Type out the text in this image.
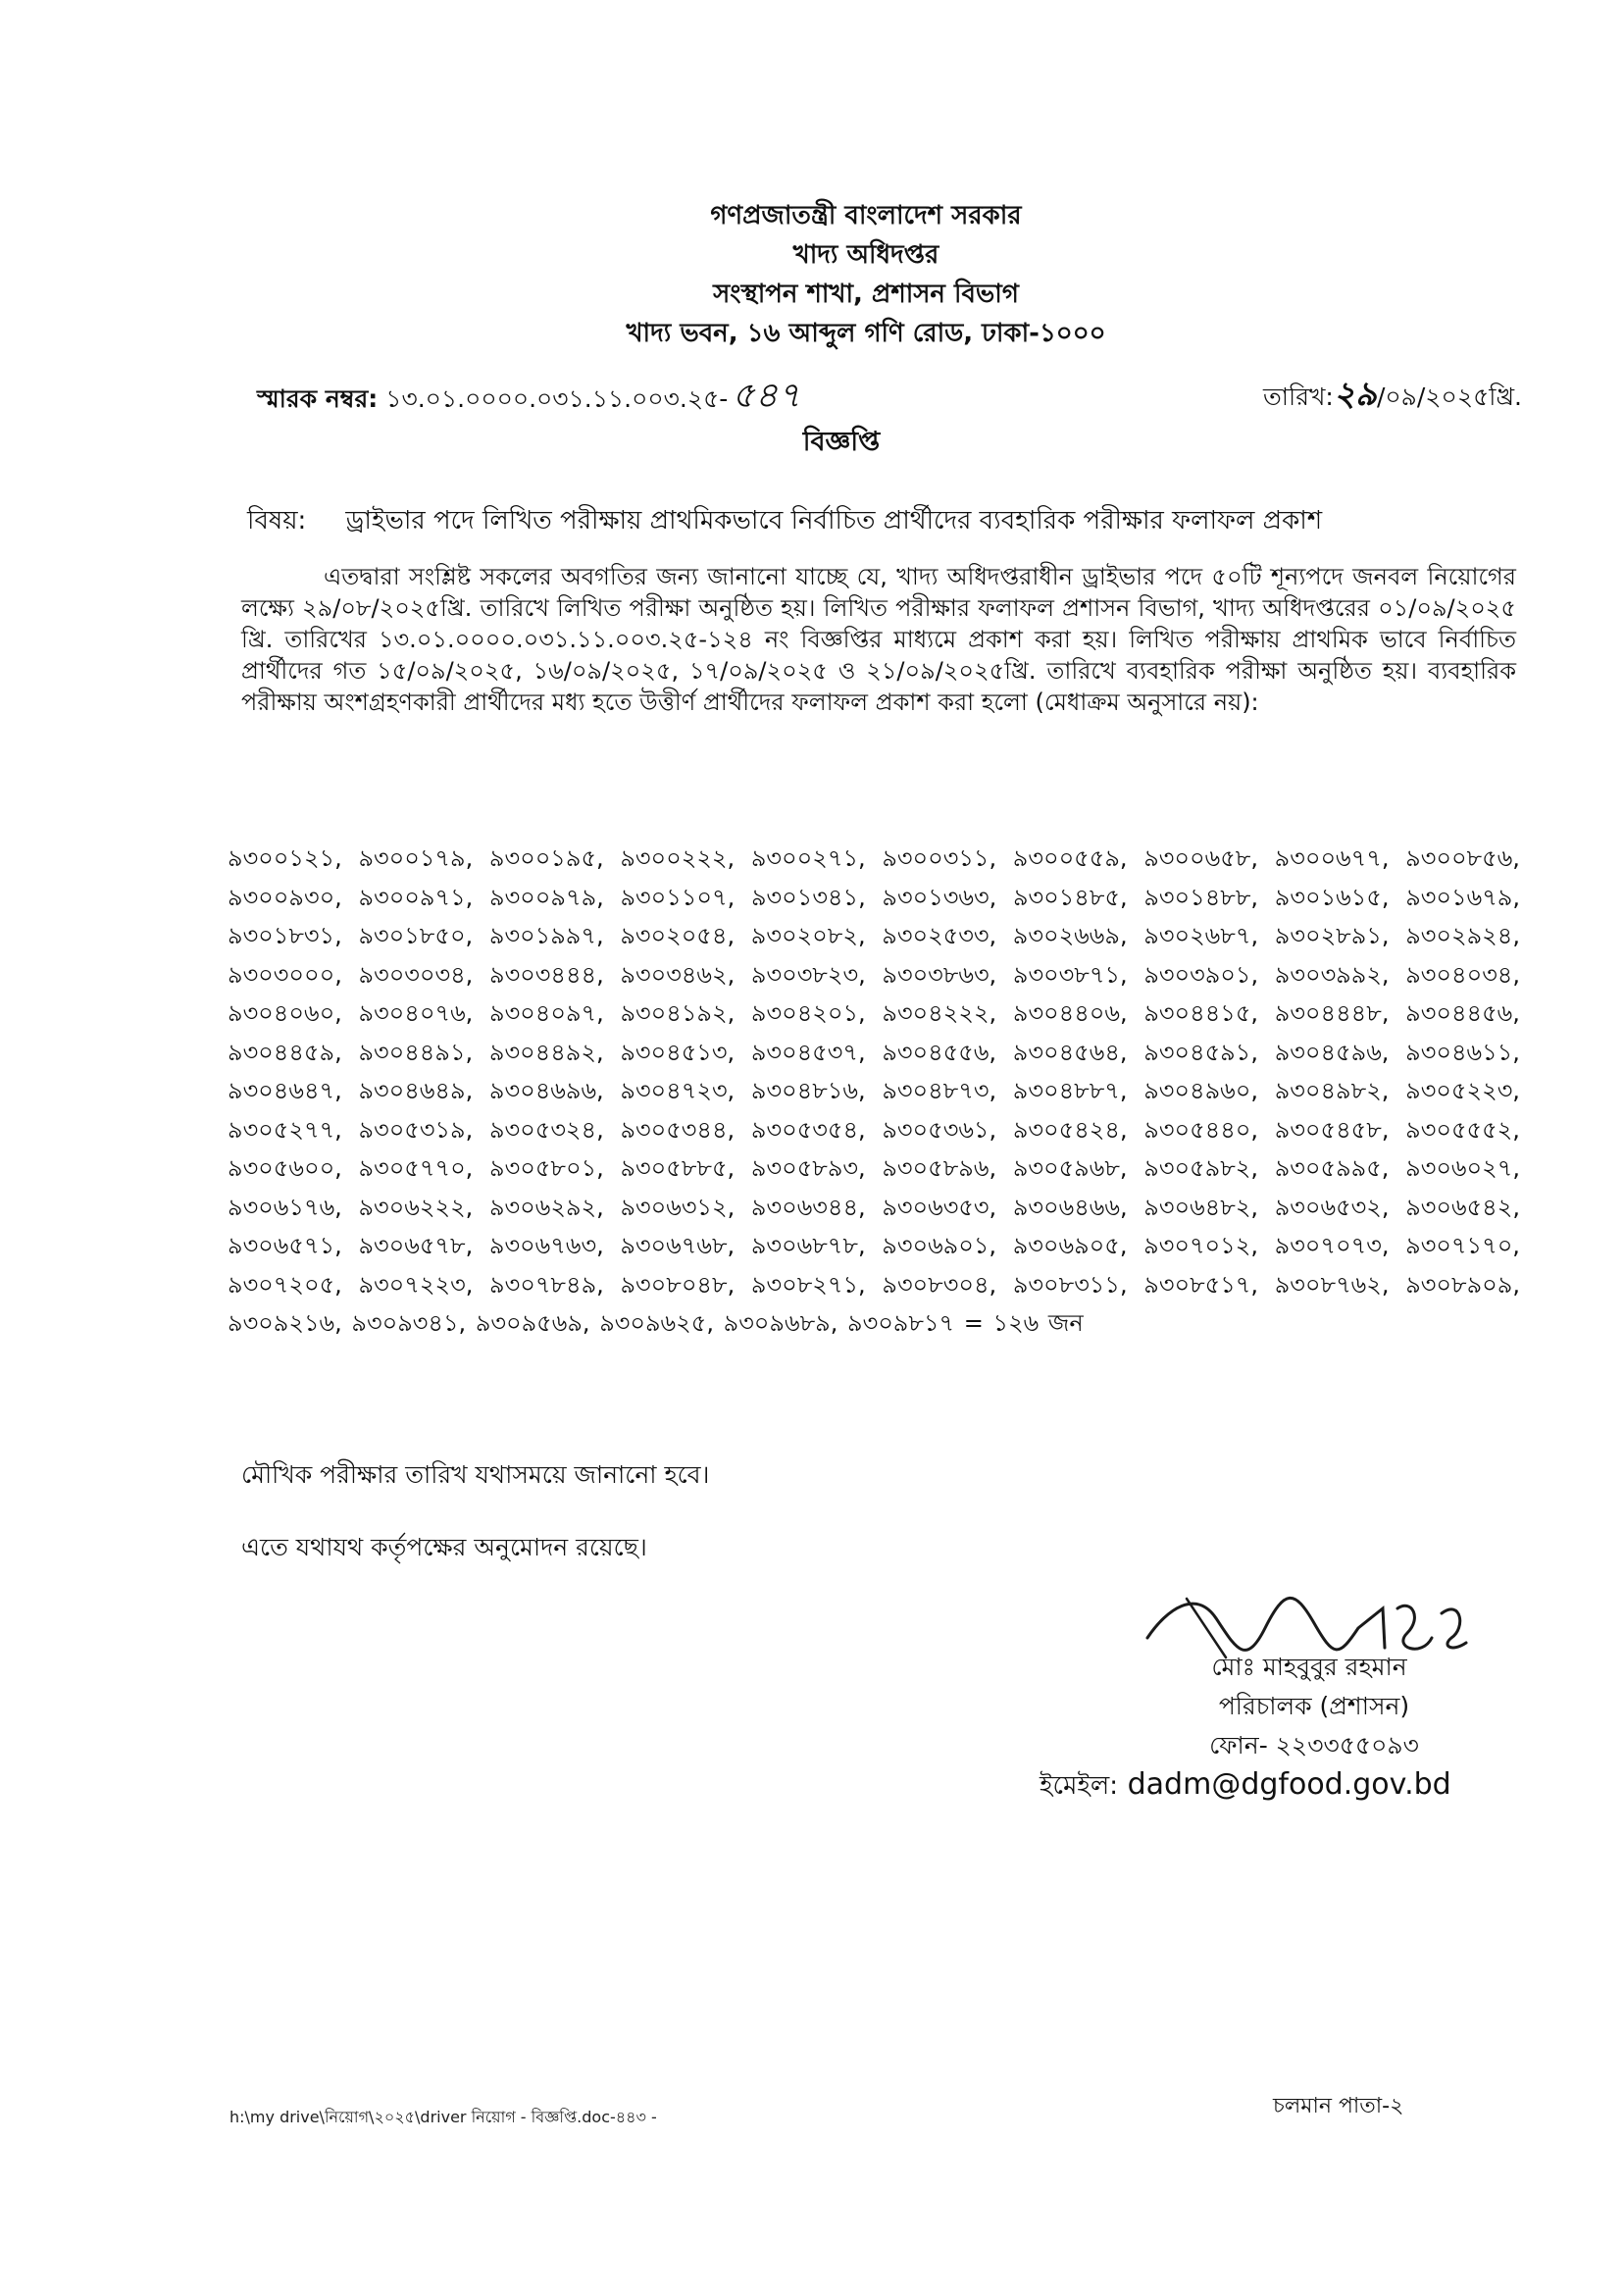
গণপ্রজাতন্ত্রী বাংলাদেশ সরকার
খাদ্য অধিদপ্তর
সংস্থাপন শাখা, প্রশাসন বিভাগ
খাদ্য ভবন, ১৬ আব্দুল গণি রোড, ঢাকা-১০০০
স্মারক নম্বর: ১৩.০১.০০০০.০৩১.১১.০০৩.২৫- ৫৪৭	তারিখ:২৯/০৯/২০২৫খ্রি.
বিজ্ঞপ্তি
বিষয়: ড্রাইভার পদে লিখিত পরীক্ষায় প্রাথমিকভাবে নির্বাচিত প্রার্থীদের ব্যবহারিক পরীক্ষার ফলাফল প্রকাশ
এতদ্বারা সংশ্লিষ্ট সকলের অবগতির জন্য জানানো যাচ্ছে যে, খাদ্য অধিদপ্তরাধীন ড্রাইভার পদে ৫০টি শূন্যপদে জনবল নিয়োগের লক্ষ্যে ২৯/০৮/২০২৫খ্রি. তারিখে লিখিত পরীক্ষা অনুষ্ঠিত হয়। লিখিত পরীক্ষার ফলাফল প্রশাসন বিভাগ, খাদ্য অধিদপ্তরের ০১/০৯/২০২৫ খ্রি. তারিখের ১৩.০১.০০০০.০৩১.১১.০০৩.২৫-১২৪ নং বিজ্ঞপ্তির মাধ্যমে প্রকাশ করা হয়। লিখিত পরীক্ষায় প্রাথমিক ভাবে নির্বাচিত প্রার্থীদের গত ১৫/০৯/২০২৫, ১৬/০৯/২০২৫, ১৭/০৯/২০২৫ ও ২১/০৯/২০২৫খ্রি. তারিখে ব্যবহারিক পরীক্ষা অনুষ্ঠিত হয়। ব্যবহারিক পরীক্ষায় অংশগ্রহণকারী প্রার্থীদের মধ্য হতে উত্তীর্ণ প্রার্থীদের ফলাফল প্রকাশ করা হলো (মেধাক্রম অনুসারে নয়):
৯৩০০১২১, ৯৩০০১৭৯, ৯৩০০১৯৫, ৯৩০০২২২, ৯৩০০২৭১, ৯৩০০৩১১, ৯৩০০৫৫৯, ৯৩০০৬৫৮, ৯৩০০৬৭৭, ৯৩০০৮৫৬, ৯৩০০৯৩০, ৯৩০০৯৭১, ৯৩০০৯৭৯, ৯৩০১১০৭, ৯৩০১৩৪১, ৯৩০১৩৬৩, ৯৩০১৪৮৫, ৯৩০১৪৮৮, ৯৩০১৬১৫, ৯৩০১৬৭৯, ৯৩০১৮৩১, ৯৩০১৮৫০, ৯৩০১৯৯৭, ৯৩০২০৫৪, ৯৩০২০৮২, ৯৩০২৫৩৩, ৯৩০২৬৬৯, ৯৩০২৬৮৭, ৯৩০২৮৯১, ৯৩০২৯২৪, ৯৩০৩০০০, ৯৩০৩০৩৪, ৯৩০৩৪৪৪, ৯৩০৩৪৬২, ৯৩০৩৮২৩, ৯৩০৩৮৬৩, ৯৩০৩৮৭১, ৯৩০৩৯০১, ৯৩০৩৯৯২, ৯৩০৪০৩৪, ৯৩০৪০৬০, ৯৩০৪০৭৬, ৯৩০৪০৯৭, ৯৩০৪১৯২, ৯৩০৪২০১, ৯৩০৪২২২, ৯৩০৪৪০৬, ৯৩০৪৪১৫, ৯৩০৪৪৪৮, ৯৩০৪৪৫৬, ৯৩০৪৪৫৯, ৯৩০৪৪৯১, ৯৩০৪৪৯২, ৯৩০৪৫১৩, ৯৩০৪৫৩৭, ৯৩০৪৫৫৬, ৯৩০৪৫৬৪, ৯৩০৪৫৯১, ৯৩০৪৫৯৬, ৯৩০৪৬১১, ৯৩০৪৬৪৭, ৯৩০৪৬৪৯, ৯৩০৪৬৯৬, ৯৩০৪৭২৩, ৯৩০৪৮১৬, ৯৩০৪৮৭৩, ৯৩০৪৮৮৭, ৯৩০৪৯৬০, ৯৩০৪৯৮২, ৯৩০৫২২৩, ৯৩০৫২৭৭, ৯৩০৫৩১৯, ৯৩০৫৩২৪, ৯৩০৫৩৪৪, ৯৩০৫৩৫৪, ৯৩০৫৩৬১, ৯৩০৫৪২৪, ৯৩০৫৪৪০, ৯৩০৫৪৫৮, ৯৩০৫৫৫২, ৯৩০৫৬০০, ৯৩০৫৭৭০, ৯৩০৫৮০১, ৯৩০৫৮৮৫, ৯৩০৫৮৯৩, ৯৩০৫৮৯৬, ৯৩০৫৯৬৮, ৯৩০৫৯৮২, ৯৩০৫৯৯৫, ৯৩০৬০২৭, ৯৩০৬১৭৬, ৯৩০৬২২২, ৯৩০৬২৯২, ৯৩০৬৩১২, ৯৩০৬৩৪৪, ৯৩০৬৩৫৩, ৯৩০৬৪৬৬, ৯৩০৬৪৮২, ৯৩০৬৫৩২, ৯৩০৬৫৪২, ৯৩০৬৫৭১, ৯৩০৬৫৭৮, ৯৩০৬৭৬৩, ৯৩০৬৭৬৮, ৯৩০৬৮৭৮, ৯৩০৬৯০১, ৯৩০৬৯০৫, ৯৩০৭০১২, ৯৩০৭০৭৩, ৯৩০৭১৭০, ৯৩০৭২০৫, ৯৩০৭২২৩, ৯৩০৭৮৪৯, ৯৩০৮০৪৮, ৯৩০৮২৭১, ৯৩০৮৩০৪, ৯৩০৮৩১১, ৯৩০৮৫১৭, ৯৩০৮৭৬২, ৯৩০৮৯০৯, ৯৩০৯২১৬, ৯৩০৯৩৪১, ৯৩০৯৫৬৯, ৯৩০৯৬২৫, ৯৩০৯৬৮৯, ৯৩০৯৮১৭ = ১২৬ জন
মৌখিক পরীক্ষার তারিখ যথাসময়ে জানানো হবে।
এতে যথাযথ কর্তৃপক্ষের অনুমোদন রয়েছে।
মোঃ মাহবুবুর রহমান
পরিচালক (প্রশাসন)
ফোন- ২২৩৩৫৫০৯৩
ইমেইল: dadm@dgfood.gov.bd
চলমান পাতা-২
h:\my drive\নিয়োগ\২০২৫\driver নিয়োগ - বিজ্ঞপ্তি.doc-৪৪৩ -
